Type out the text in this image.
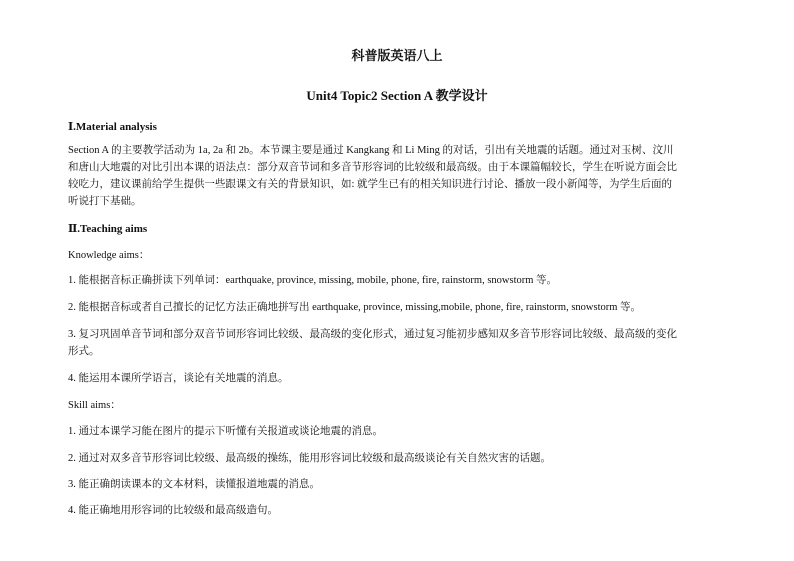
科普版英语八上
Unit4 Topic2 Section A 教学设计
Ⅰ.Material analysis

Section A 的主要教学活动为 1a, 2a 和 2b。本节课主要是通过 Kangkang 和 Li Ming 的对话，引出有关地震的话题。通过对玉树、汶川

和唐山大地震的对比引出本课的语法点：部分双音节词和多音节形容词的比较级和最高级。由于本课篇幅较长，学生在听说方面会比

较吃力，建议课前给学生提供一些跟课文有关的背景知识，如: 就学生已有的相关知识进行讨论、播放一段小新闻等，为学生后面的

听说打下基础。

Ⅱ.Teaching aims

Knowledge aims：

1. 能根据音标正确拼读下列单词：earthquake, province, missing, mobile, phone, fire, rainstorm, snowstorm 等。

2. 能根据音标或者自己擅长的记忆方法正确地拼写出 earthquake, province, missing,mobile, phone, fire, rainstorm, snowstorm 等。

3. 复习巩固单音节词和部分双音节词形容词比较级、最高级的变化形式，通过复习能初步感知双多音节形容词比较级、最高级的变化

形式。

4. 能运用本课所学语言，谈论有关地震的消息。

Skill aims：

1. 通过本课学习能在图片的提示下听懂有关报道或谈论地震的消息。

2. 通过对双多音节形容词比较级、最高级的操练，能用形容词比较级和最高级谈论有关自然灾害的话题。

3. 能正确朗读课本的文本材料，读懂报道地震的消息。

4. 能正确地用形容词的比较级和最高级造句。
